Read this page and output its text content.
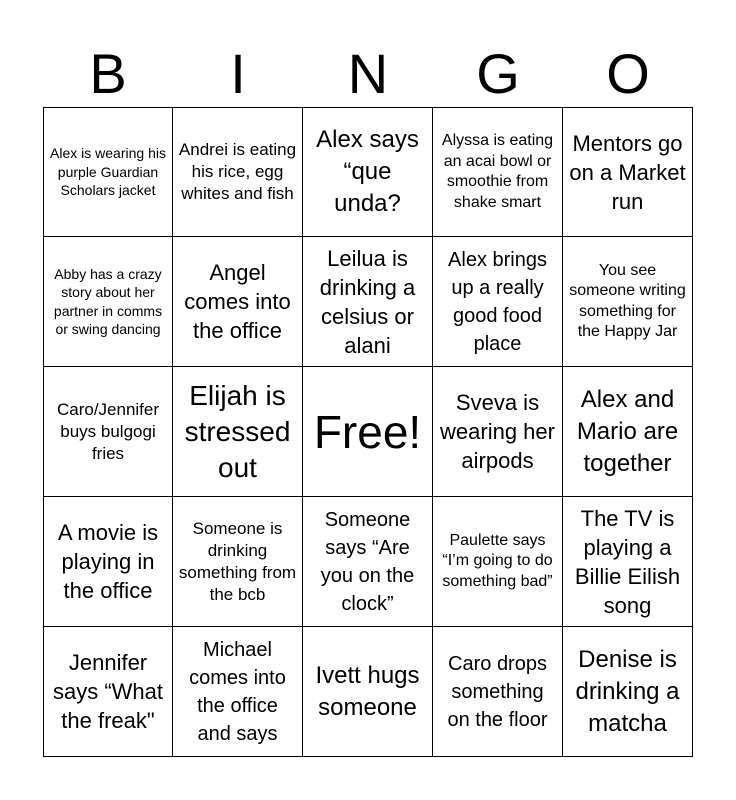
B	I	N	G	O
Alex is wearing his purple Guardian Scholars jacket
Andrei is eating his rice, egg whites and fish
Alex says “que unda?
Alyssa is eating an acai bowl or smoothie from shake smart
Mentors go on a Market run
Abby has a crazy story about her partner in comms or swing dancing
Angel comes into the office
Leilua is drinking a celsius or alani
Alex brings up a really good food place
You see someone writing something for the Happy Jar
Caro/Jennifer buys bulgogi fries
Elijah is stressed out
Free!
Sveva is wearing her airpods
Alex and Mario are together
A movie is playing in the office
Someone is drinking something from the bcb
Someone says “Are you on the clock”
Paulette says “I’m going to do something bad”
The TV is playing a Billie Eilish song
Jennifer says “What the freak"
Michael comes into the office and says
Ivett hugs someone
Caro drops something on the floor
Denise is drinking a matcha
